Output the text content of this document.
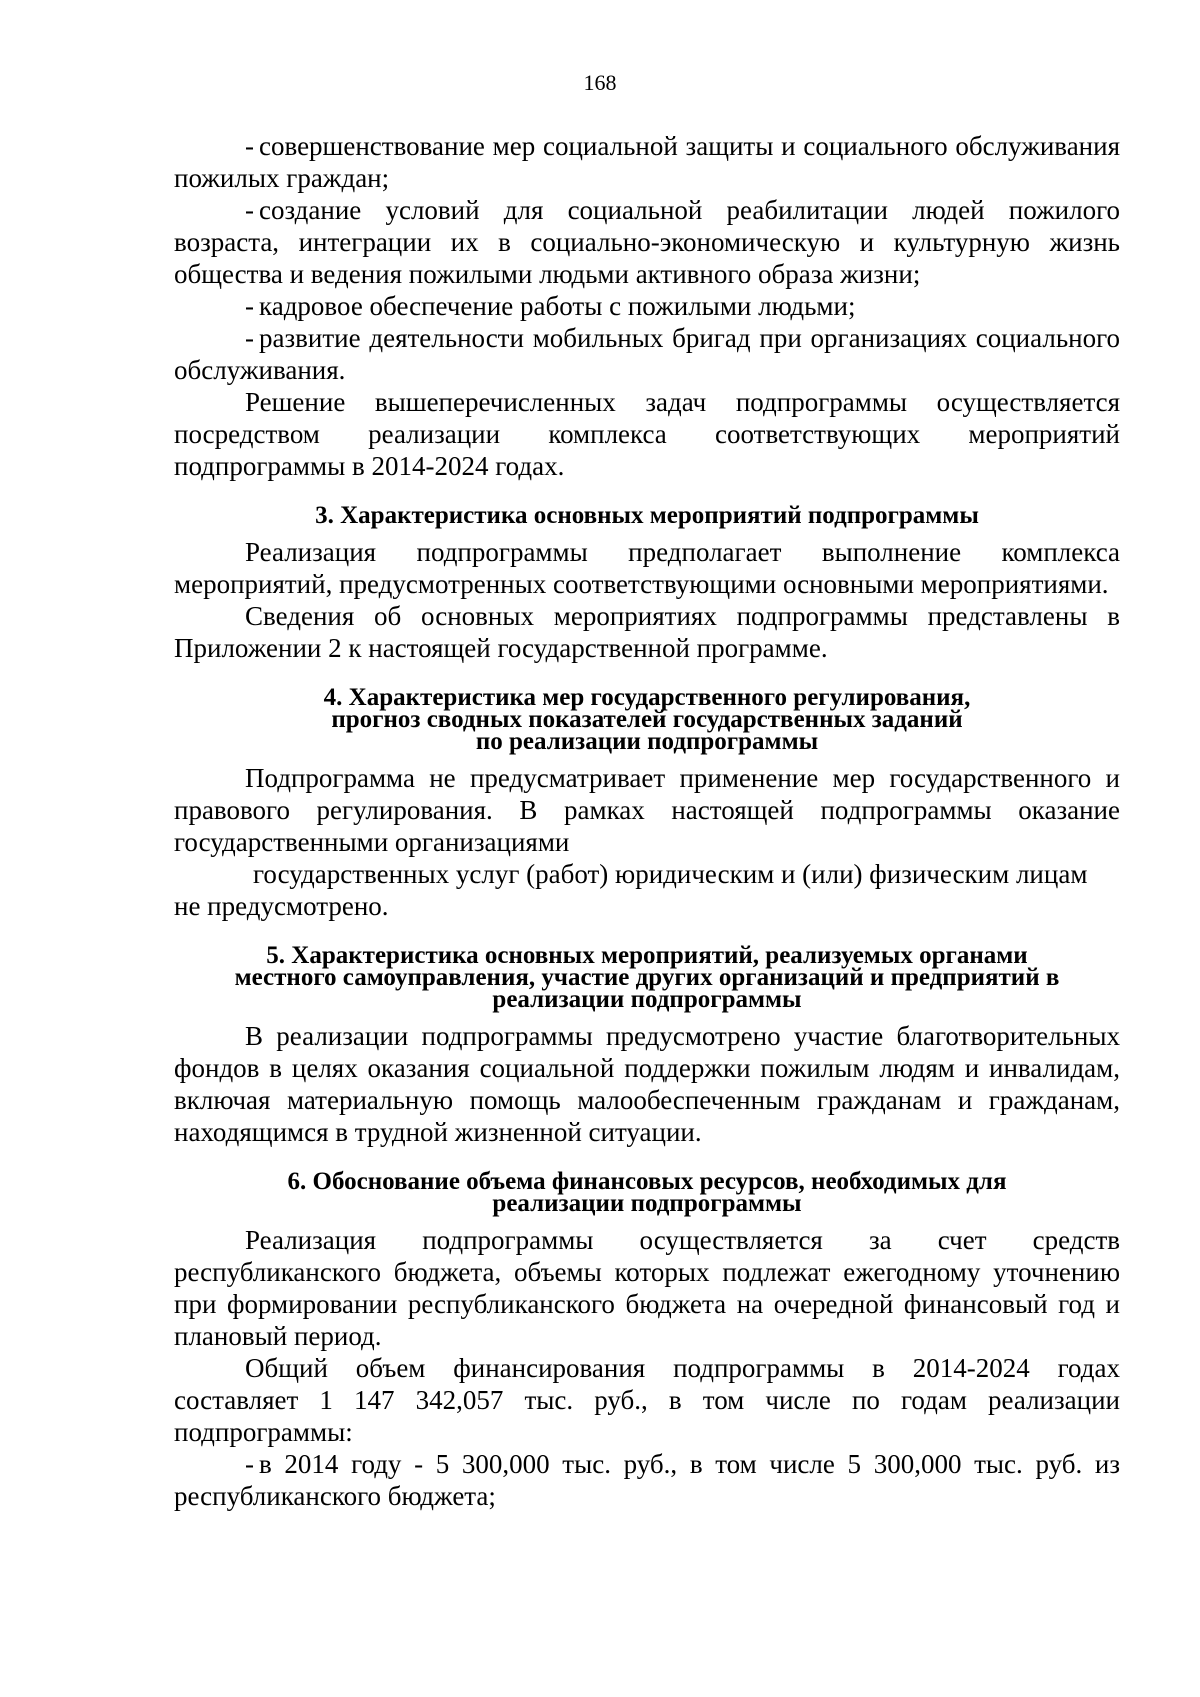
168

- совершенствование мер социальной защиты и социального обслуживания пожилых граждан;

- создание условий для социальной реабилитации людей пожилого возраста, интеграции их в социально-экономическую и культурную жизнь общества и ведения пожилыми людьми активного образа жизни;

- кадровое обеспечение работы с пожилыми людьми;

- развитие деятельности мобильных бригад при организациях социального обслуживания.

Решение вышеперечисленных задач подпрограммы осуществляется посредством реализации комплекса соответствующих мероприятий подпрограммы в 2014-2024 годах.

3. Характеристика основных мероприятий подпрограммы

Реализация подпрограммы предполагает выполнение комплекса мероприятий, предусмотренных соответствующими основными мероприятиями.

Сведения об основных мероприятиях подпрограммы представлены в Приложении 2 к настоящей государственной программе.

4. Характеристика мер государственного регулирования,
прогноз сводных показателей государственных заданий
по реализации подпрограммы

Подпрограмма не предусматривает применение мер государственного и правового регулирования. В рамках настоящей подпрограммы оказание государственными организациями

государственных услуг (работ) юридическим и (или) физическим лицам не предусмотрено.

5. Характеристика основных мероприятий, реализуемых органами
местного самоуправления, участие других организаций и предприятий в
реализации подпрограммы

В реализации подпрограммы предусмотрено участие благотворительных фондов в целях оказания социальной поддержки пожилым людям и инвалидам, включая материальную помощь малообеспеченным гражданам и гражданам, находящимся в трудной жизненной ситуации.

6. Обоснование объема финансовых ресурсов, необходимых для
реализации подпрограммы

Реализация подпрограммы осуществляется за счет средств республиканского бюджета, объемы которых подлежат ежегодному уточнению при формировании республиканского бюджета на очередной финансовый год и плановый период.

Общий объем финансирования подпрограммы в 2014-2024 годах составляет 1 147 342,057 тыс. руб., в том числе по годам реализации подпрограммы:

- в 2014 году - 5 300,000 тыс. руб., в том числе 5 300,000 тыс. руб. из республиканского бюджета;
